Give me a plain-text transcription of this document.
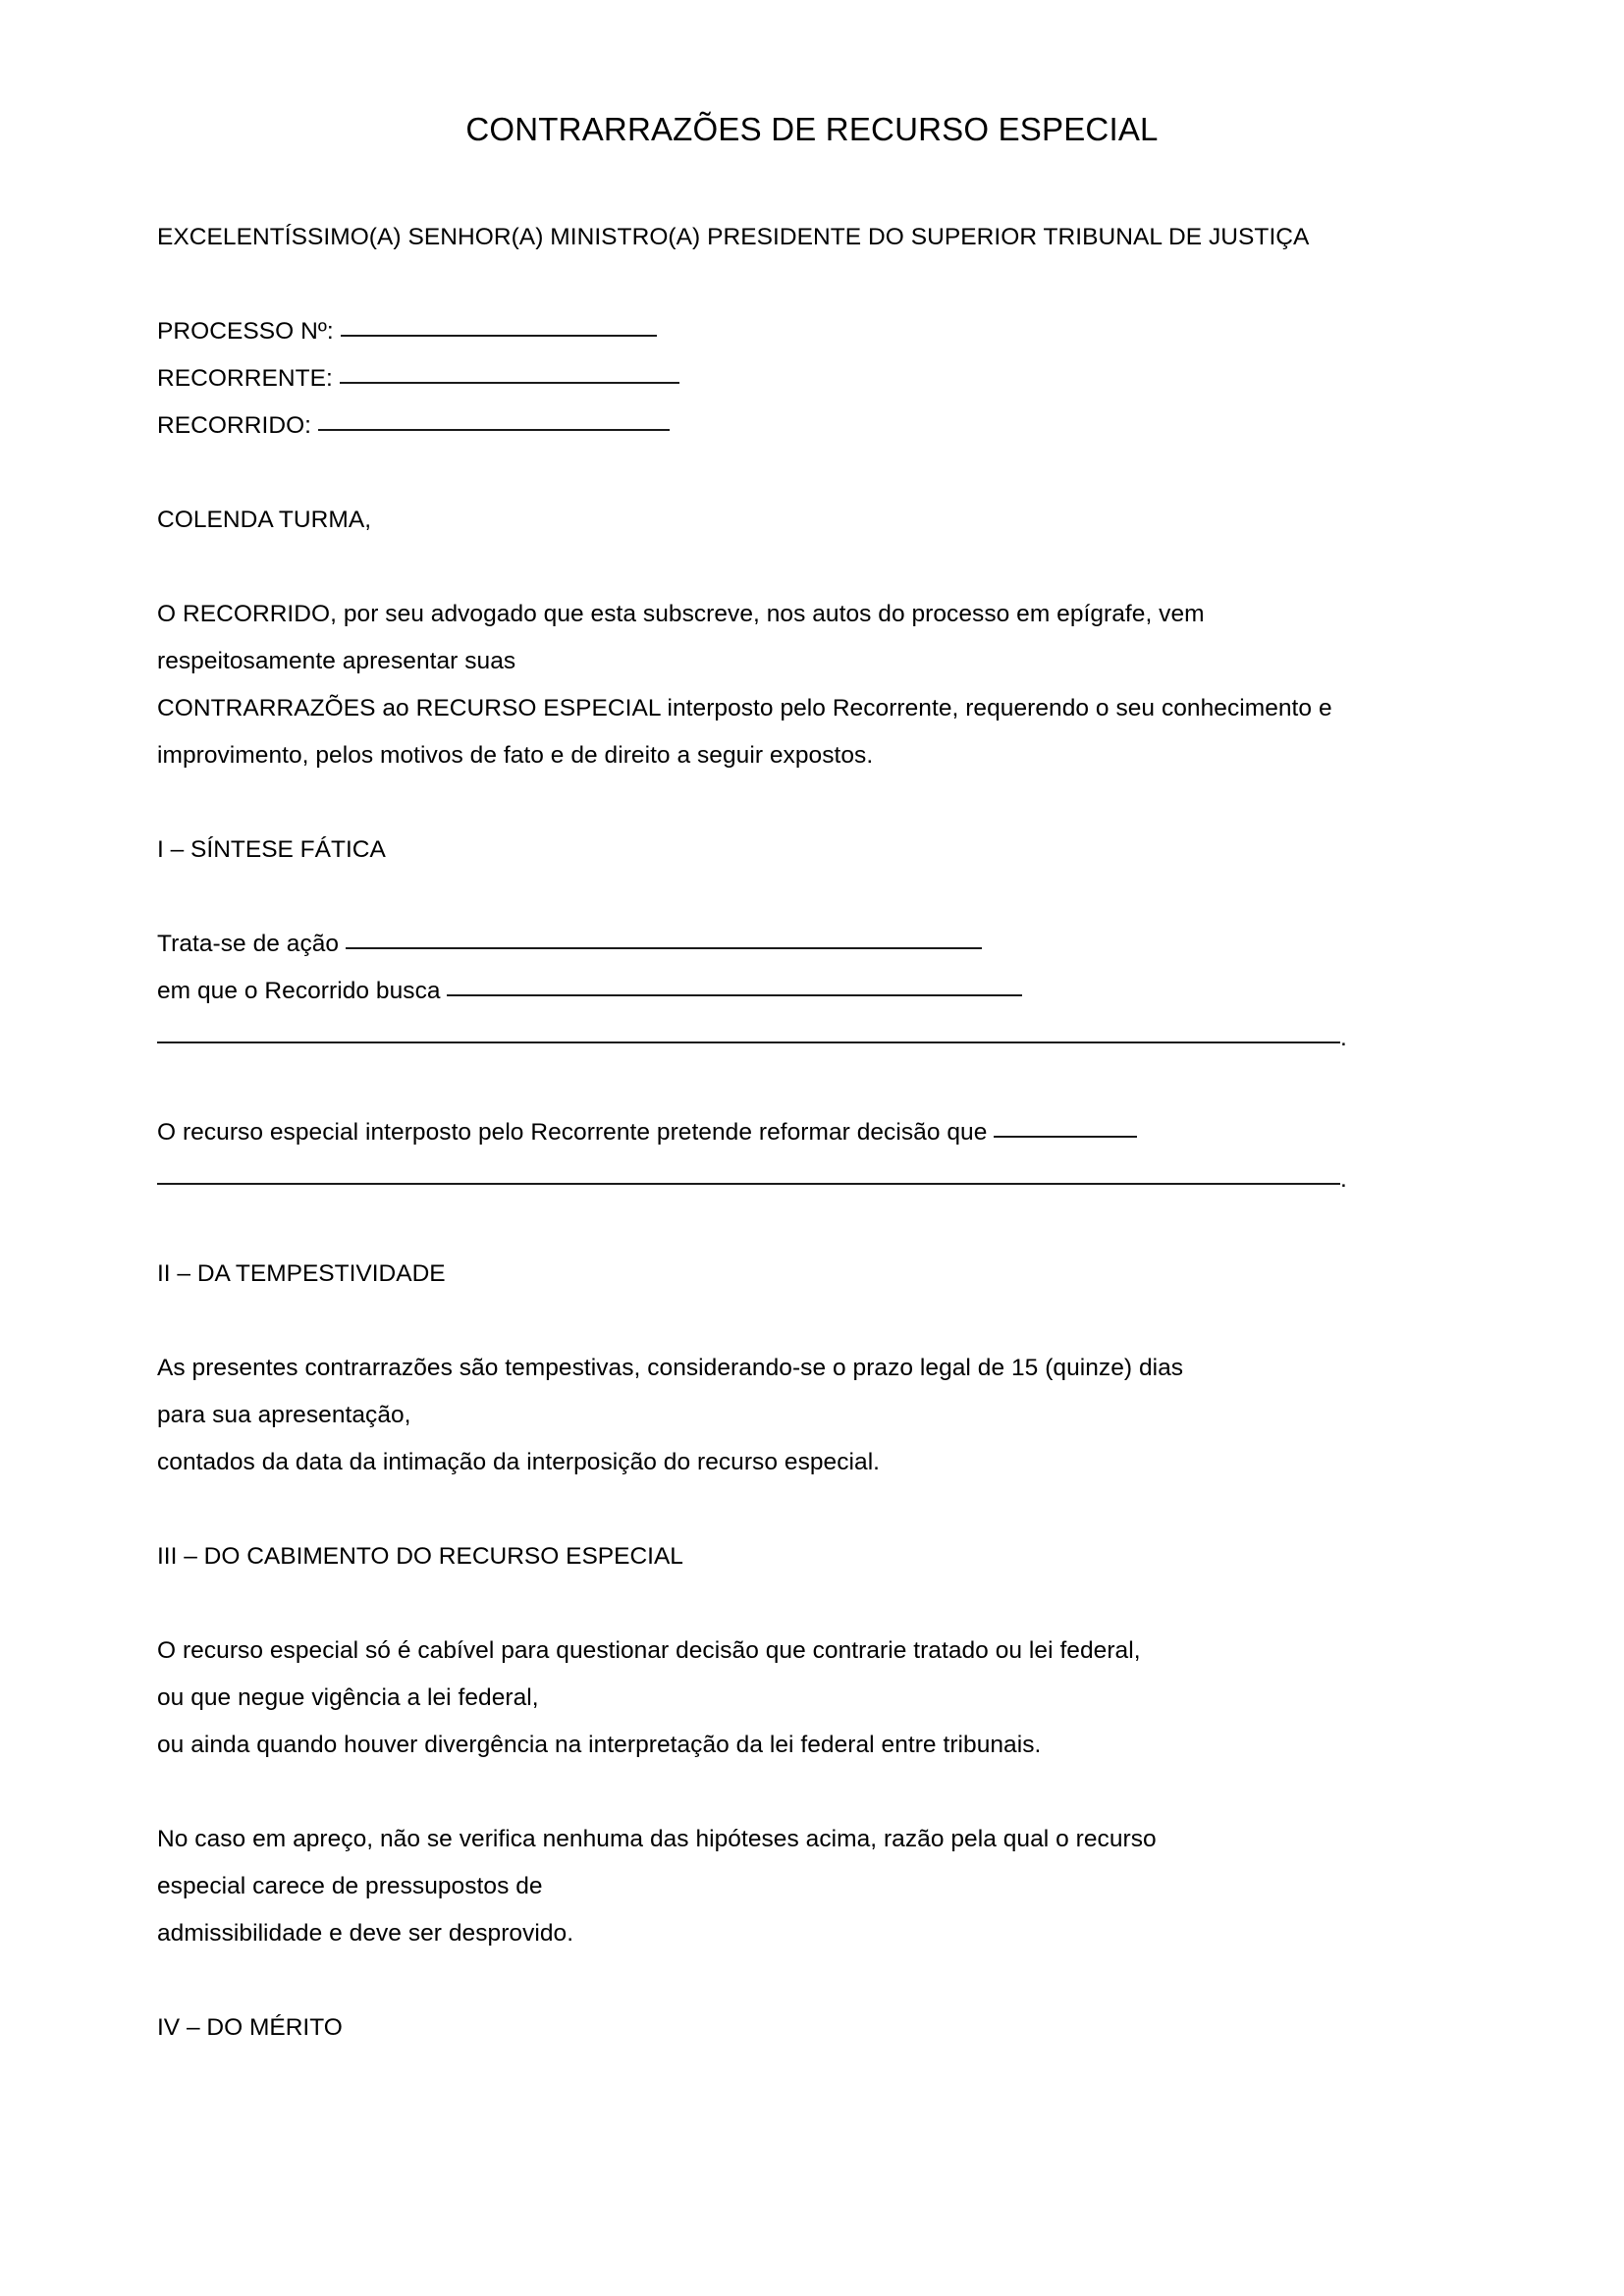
CONTRARRAZÕES DE RECURSO ESPECIAL
EXCELENTÍSSIMO(A) SENHOR(A) MINISTRO(A) PRESIDENTE DO SUPERIOR TRIBUNAL DE JUSTIÇA
PROCESSO Nº:
RECORRENTE:
RECORRIDO:
COLENDA TURMA,
O RECORRIDO, por seu advogado que esta subscreve, nos autos do processo em epígrafe, vem
respeitosamente apresentar suas
CONTRARRAZÕES ao RECURSO ESPECIAL interposto pelo Recorrente, requerendo o seu conhecimento e
improvimento, pelos motivos de fato e de direito a seguir expostos.
I – SÍNTESE FÁTICA
Trata-se de ação
em que o Recorrido busca
.
O recurso especial interposto pelo Recorrente pretende reformar decisão que
.
II – DA TEMPESTIVIDADE
As presentes contrarrazões são tempestivas, considerando-se o prazo legal de 15 (quinze) dias
para sua apresentação,
contados da data da intimação da interposição do recurso especial.
III – DO CABIMENTO DO RECURSO ESPECIAL
O recurso especial só é cabível para questionar decisão que contrarie tratado ou lei federal,
ou que negue vigência a lei federal,
ou ainda quando houver divergência na interpretação da lei federal entre tribunais.
No caso em apreço, não se verifica nenhuma das hipóteses acima, razão pela qual o recurso
especial carece de pressupostos de
admissibilidade e deve ser desprovido.
IV – DO MÉRITO
